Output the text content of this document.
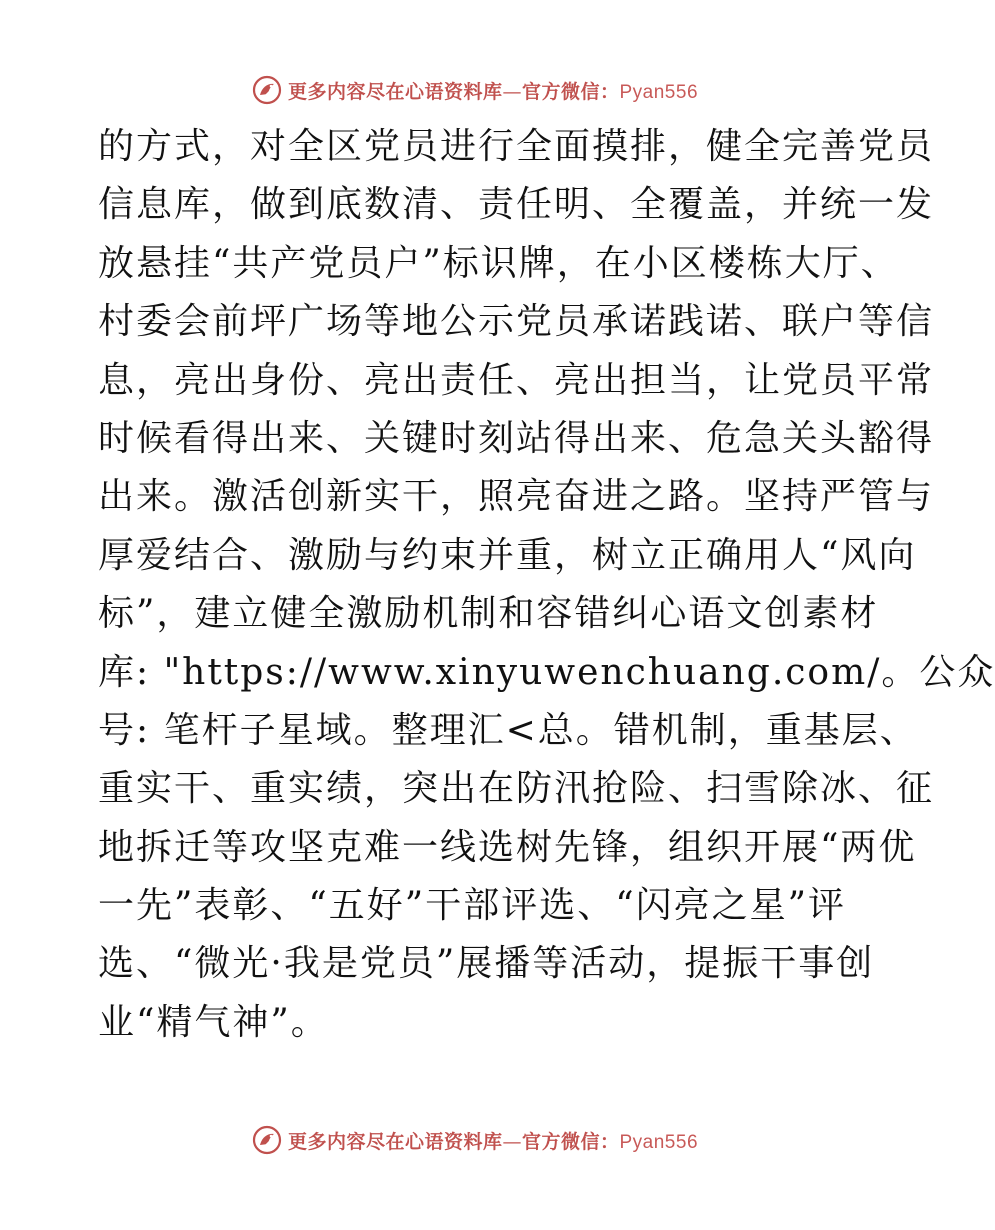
更多内容尽在心语资料库—官方微信：Pyan556
的方式，对全区党员进行全面摸排，健全完善党员
信息库，做到底数清、责任明、全覆盖，并统一发
放悬挂“共产党员户”标识牌，在小区楼栋大厅、
村委会前坪广场等地公示党员承诺践诺、联户等信
息，亮出身份、亮出责任、亮出担当，让党员平常
时候看得出来、关键时刻站得出来、危急关头豁得
出来。激活创新实干，照亮奋进之路。坚持严管与
厚爱结合、激励与约束并重，树立正确用人“风向
标”，建立健全激励机制和容错纠心语文创素材
库: "https://www.xinyuwenchuang.com/。公众
号: 笔杆子星域。整理汇<总。错机制，重基层、
重实干、重实绩，突出在防汛抢险、扫雪除冰、征
地拆迁等攻坚克难一线选树先锋，组织开展“两优
一先”表彰、“五好”干部评选、“闪亮之星”评
选、“微光·我是党员”展播等活动，提振干事创
业“精气神”。
更多内容尽在心语资料库—官方微信：Pyan556
